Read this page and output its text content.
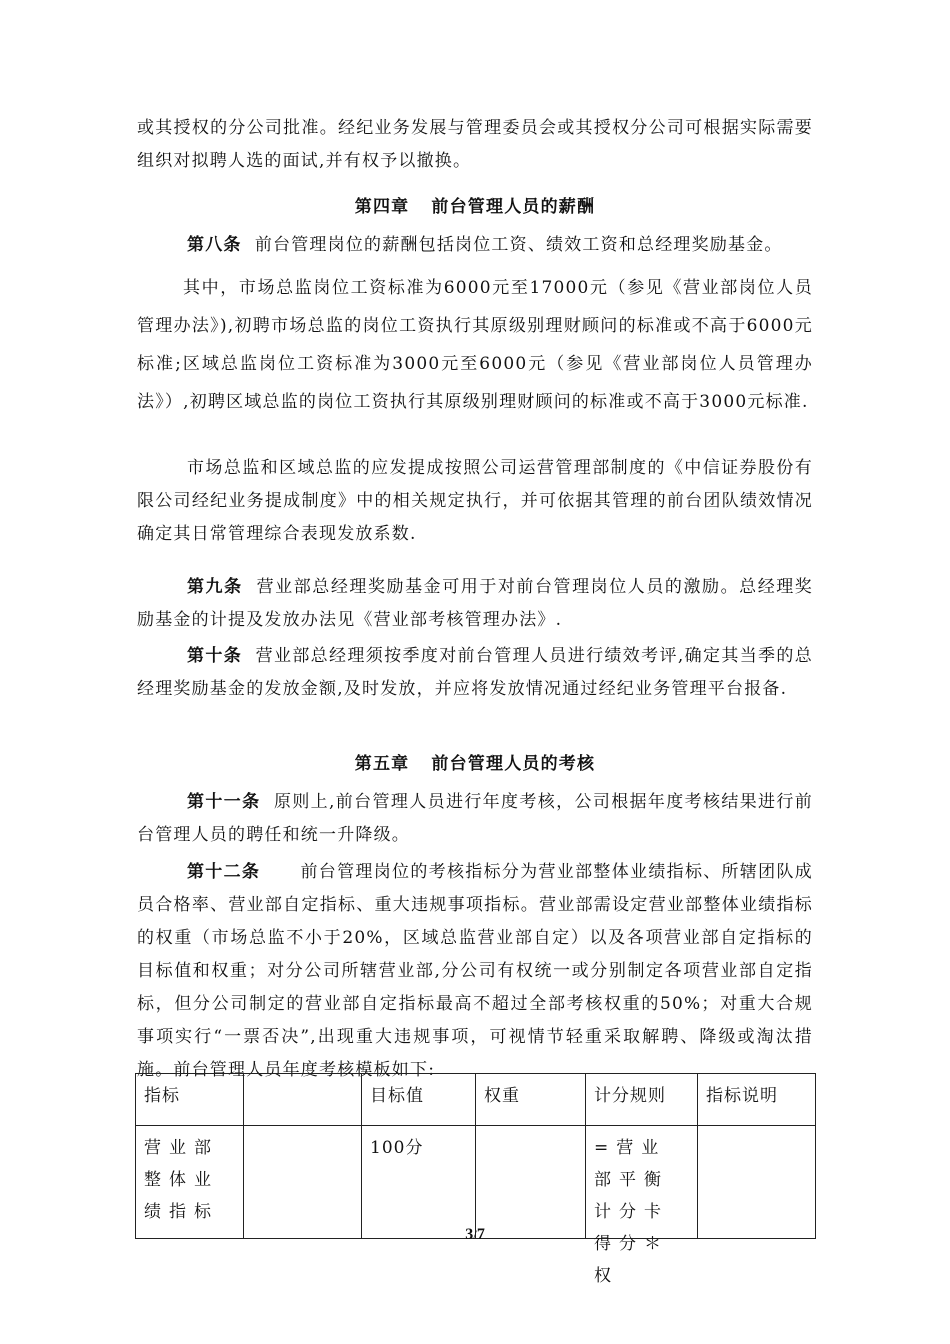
或其授权的分公司批准。经纪业务发展与管理委员会或其授权分公司可根据实际需要组织对拟聘人选的面试,并有权予以撤换。

第四章 前台管理人员的薪酬

第八条 前台管理岗位的薪酬包括岗位工资、绩效工资和总经理奖励基金。

其中，市场总监岗位工资标准为6000元至17000元（参见《营业部岗位人员管理办法》),初聘市场总监的岗位工资执行其原级别理财顾问的标准或不高于6000元标准;区域总监岗位工资标准为3000元至6000元（参见《营业部岗位人员管理办法》）,初聘区域总监的岗位工资执行其原级别理财顾问的标准或不高于3000元标准.

市场总监和区域总监的应发提成按照公司运营管理部制度的《中信证券股份有限公司经纪业务提成制度》中的相关规定执行，并可依据其管理的前台团队绩效情况确定其日常管理综合表现发放系数.

第九条 营业部总经理奖励基金可用于对前台管理岗位人员的激励。总经理奖励基金的计提及发放办法见《营业部考核管理办法》.

第十条 营业部总经理须按季度对前台管理人员进行绩效考评,确定其当季的总经理奖励基金的发放金额,及时发放，并应将发放情况通过经纪业务管理平台报备.

第五章 前台管理人员的考核

第十一条 原则上,前台管理人员进行年度考核，公司根据年度考核结果进行前台管理人员的聘任和统一升降级。

第十二条 前台管理岗位的考核指标分为营业部整体业绩指标、所辖团队成员合格率、营业部自定指标、重大违规事项指标。营业部需设定营业部整体业绩指标的权重（市场总监不小于20%，区域总监营业部自定）以及各项营业部自定指标的目标值和权重；对分公司所辖营业部,分公司有权统一或分别制定各项营业部自定指标，但分公司制定的营业部自定指标最高不超过全部考核权重的50%；对重大合规事项实行“一票否决”,出现重大违规事项，可视情节轻重采取解聘、降级或淘汰措施。前台管理人员年度考核模板如下:

指标		目标值	权重	计分规则	指标说明

营业部整体业绩指标		100分		=营业部平衡计分卡得分＊权	

3/7
